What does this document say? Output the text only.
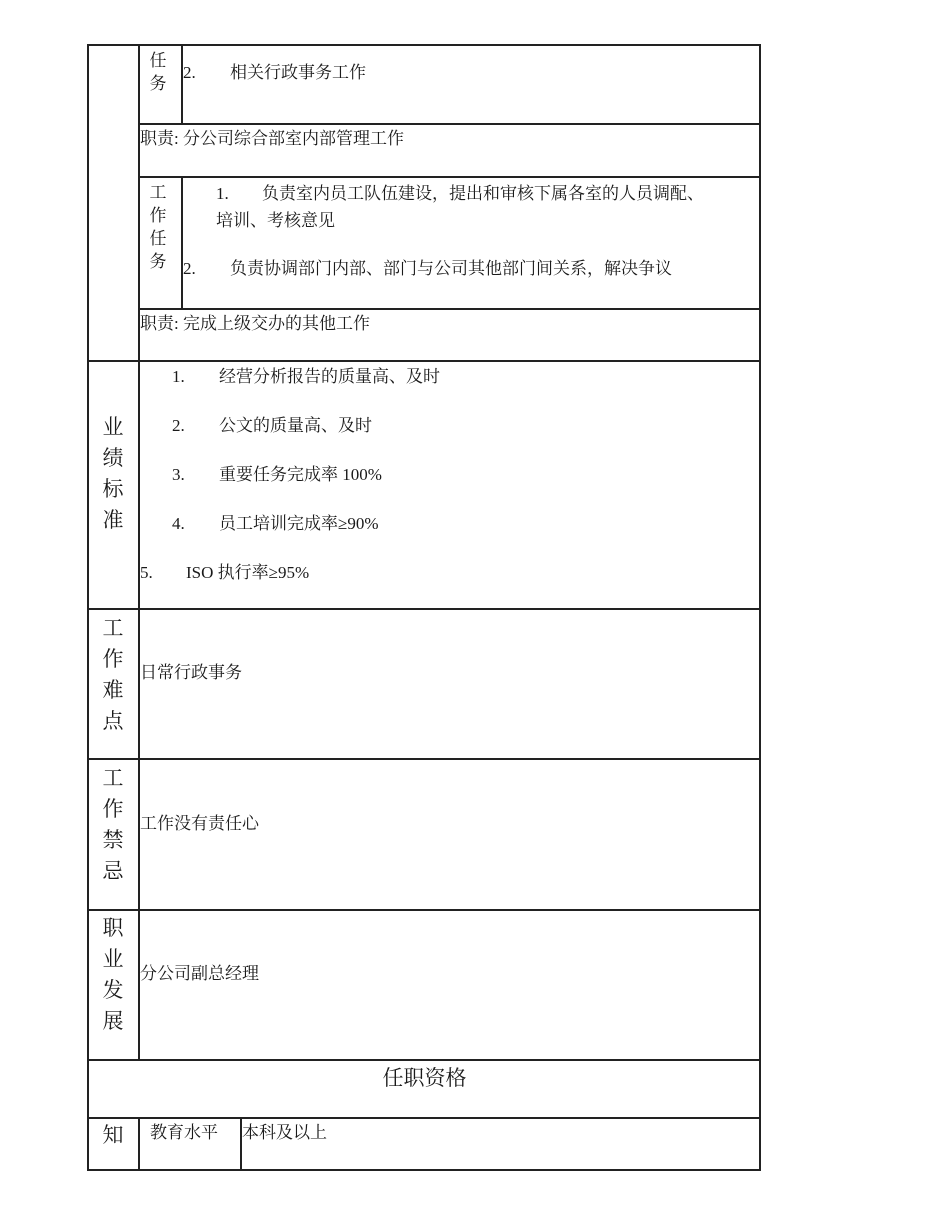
任务
2. 相关行政事务工作
职责: 分公司综合部室内部管理工作
工作任务
1. 负责室内员工队伍建设，提出和审核下属各室的人员调配、
培训、考核意见
2. 负责协调部门内部、部门与公司其他部门间关系，解决争议
职责: 完成上级交办的其他工作
业绩标准
1. 经营分析报告的质量高、及时
2. 公文的质量高、及时
3. 重要任务完成率 100%
4. 员工培训完成率≥90%
5. ISO 执行率≥95%
工作难点
日常行政事务
工作禁忌
工作没有责任心
职业发展
分公司副总经理
任职资格
知 教育水平 本科及以上
